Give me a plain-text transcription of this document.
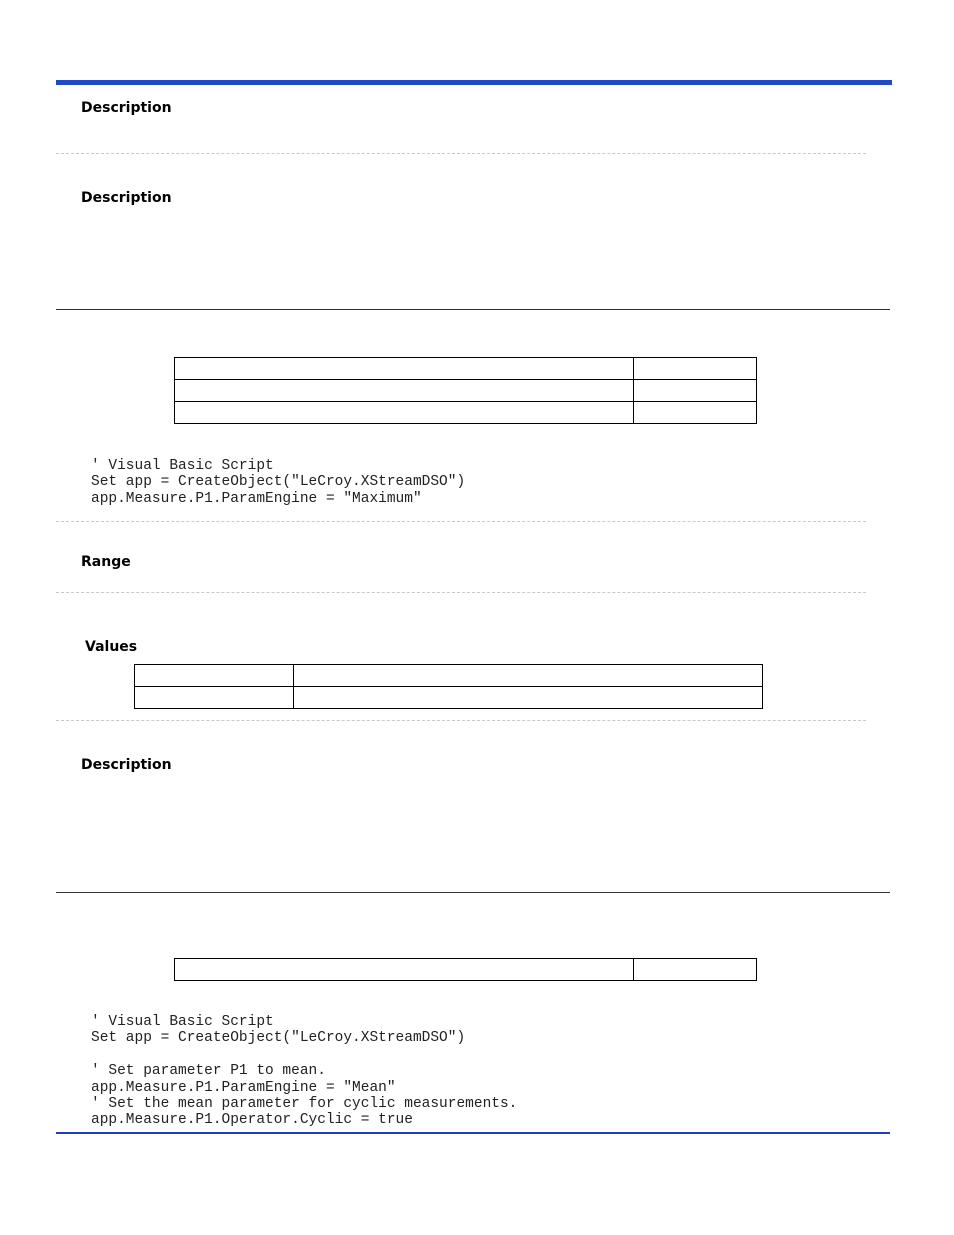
Description
Description

' Visual Basic Script
Set app = CreateObject("LeCroy.XStreamDSO")
app.Measure.P1.ParamEngine = "Maximum"
Range
Values

Description

' Visual Basic Script
Set app = CreateObject("LeCroy.XStreamDSO")

' Set parameter P1 to mean.
app.Measure.P1.ParamEngine = "Mean"
' Set the mean parameter for cyclic measurements.
app.Measure.P1.Operator.Cyclic = true
